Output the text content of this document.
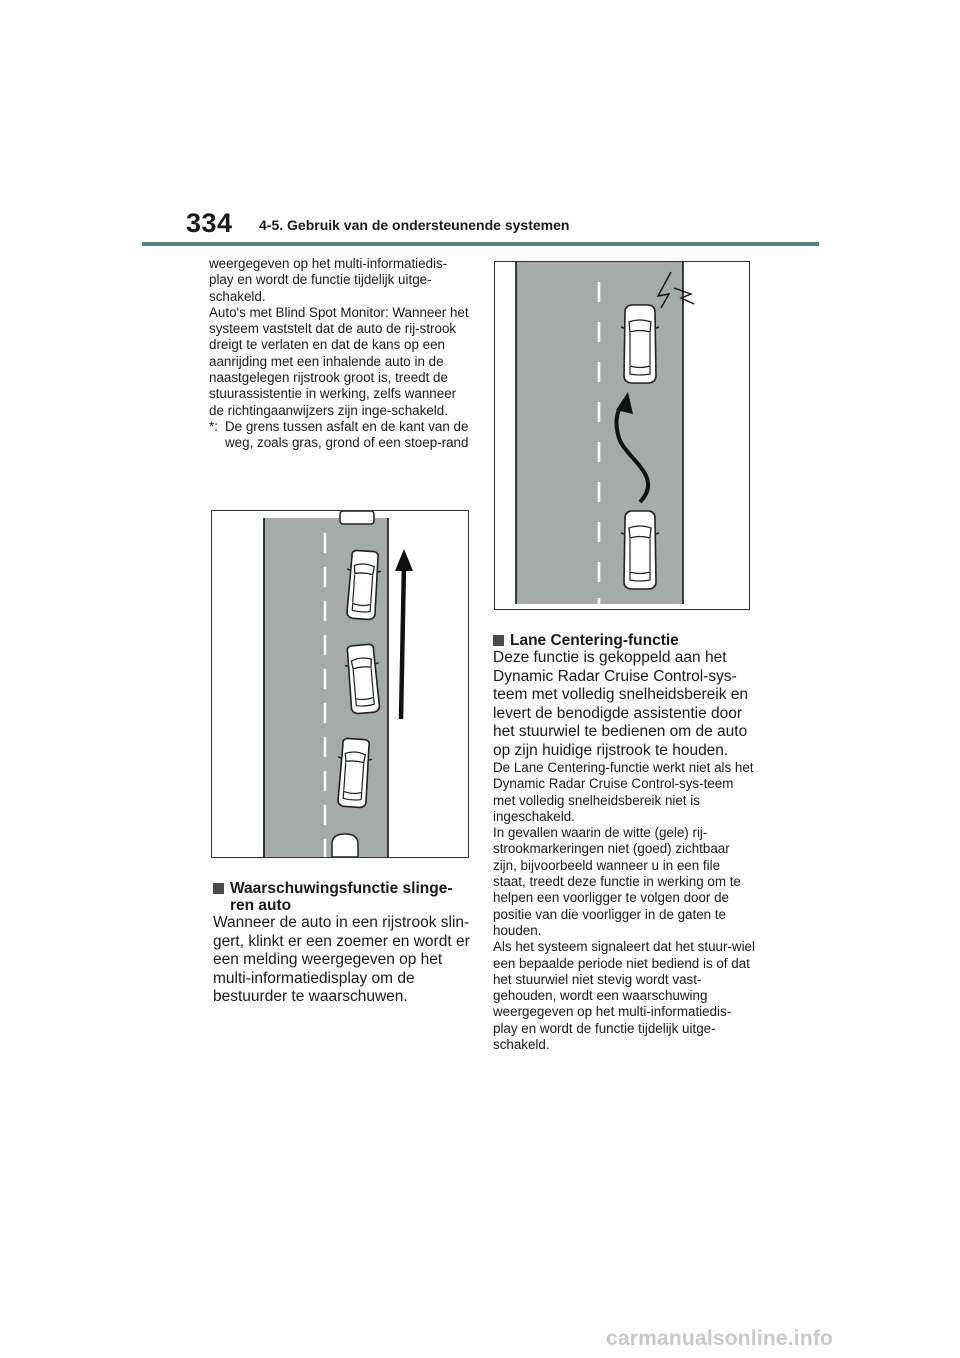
334 4-5. Gebruik van de ondersteunende systemen

weergegeven op het multi-informatiedis-play en wordt de functie tijdelijk uitge-schakeld.

Auto's met Blind Spot Monitor: Wanneer het systeem vaststelt dat de auto de rij-strook dreigt te verlaten en dat de kans op een aanrijding met een inhalende auto in de naastgelegen rijstrook groot is, treedt de stuurassistentie in werking, zelfs wanneer de richtingaanwijzers zijn inge-schakeld.

*: De grens tussen asfalt en de kant van de weg, zoals gras, grond of een stoep-rand
Waarschuwingsfunctie slinge-
ren auto

Wanneer de auto in een rijstrook slin-gert, klinkt er een zoemer en wordt er een melding weergegeven op het multi-informatiedisplay om de bestuurder te waarschuwen.

Lane Centering-functie

Deze functie is gekoppeld aan het Dynamic Radar Cruise Control-sys-teem met volledig snelheidsbereik en levert de benodigde assistentie door het stuurwiel te bedienen om de auto op zijn huidige rijstrook te houden.

De Lane Centering-functie werkt niet als het Dynamic Radar Cruise Control-sys-teem met volledig snelheidsbereik niet is ingeschakeld.

In gevallen waarin de witte (gele) rij-strookmarkeringen niet (goed) zichtbaar zijn, bijvoorbeeld wanneer u in een file staat, treedt deze functie in werking om te helpen een voorligger te volgen door de positie van die voorligger in de gaten te houden.

Als het systeem signaleert dat het stuur-wiel een bepaalde periode niet bediend is of dat het stuurwiel niet stevig wordt vast-gehouden, wordt een waarschuwing weergegeven op het multi-informatiedis-play en wordt de functie tijdelijk uitge-schakeld.

carmanualsonline.info
